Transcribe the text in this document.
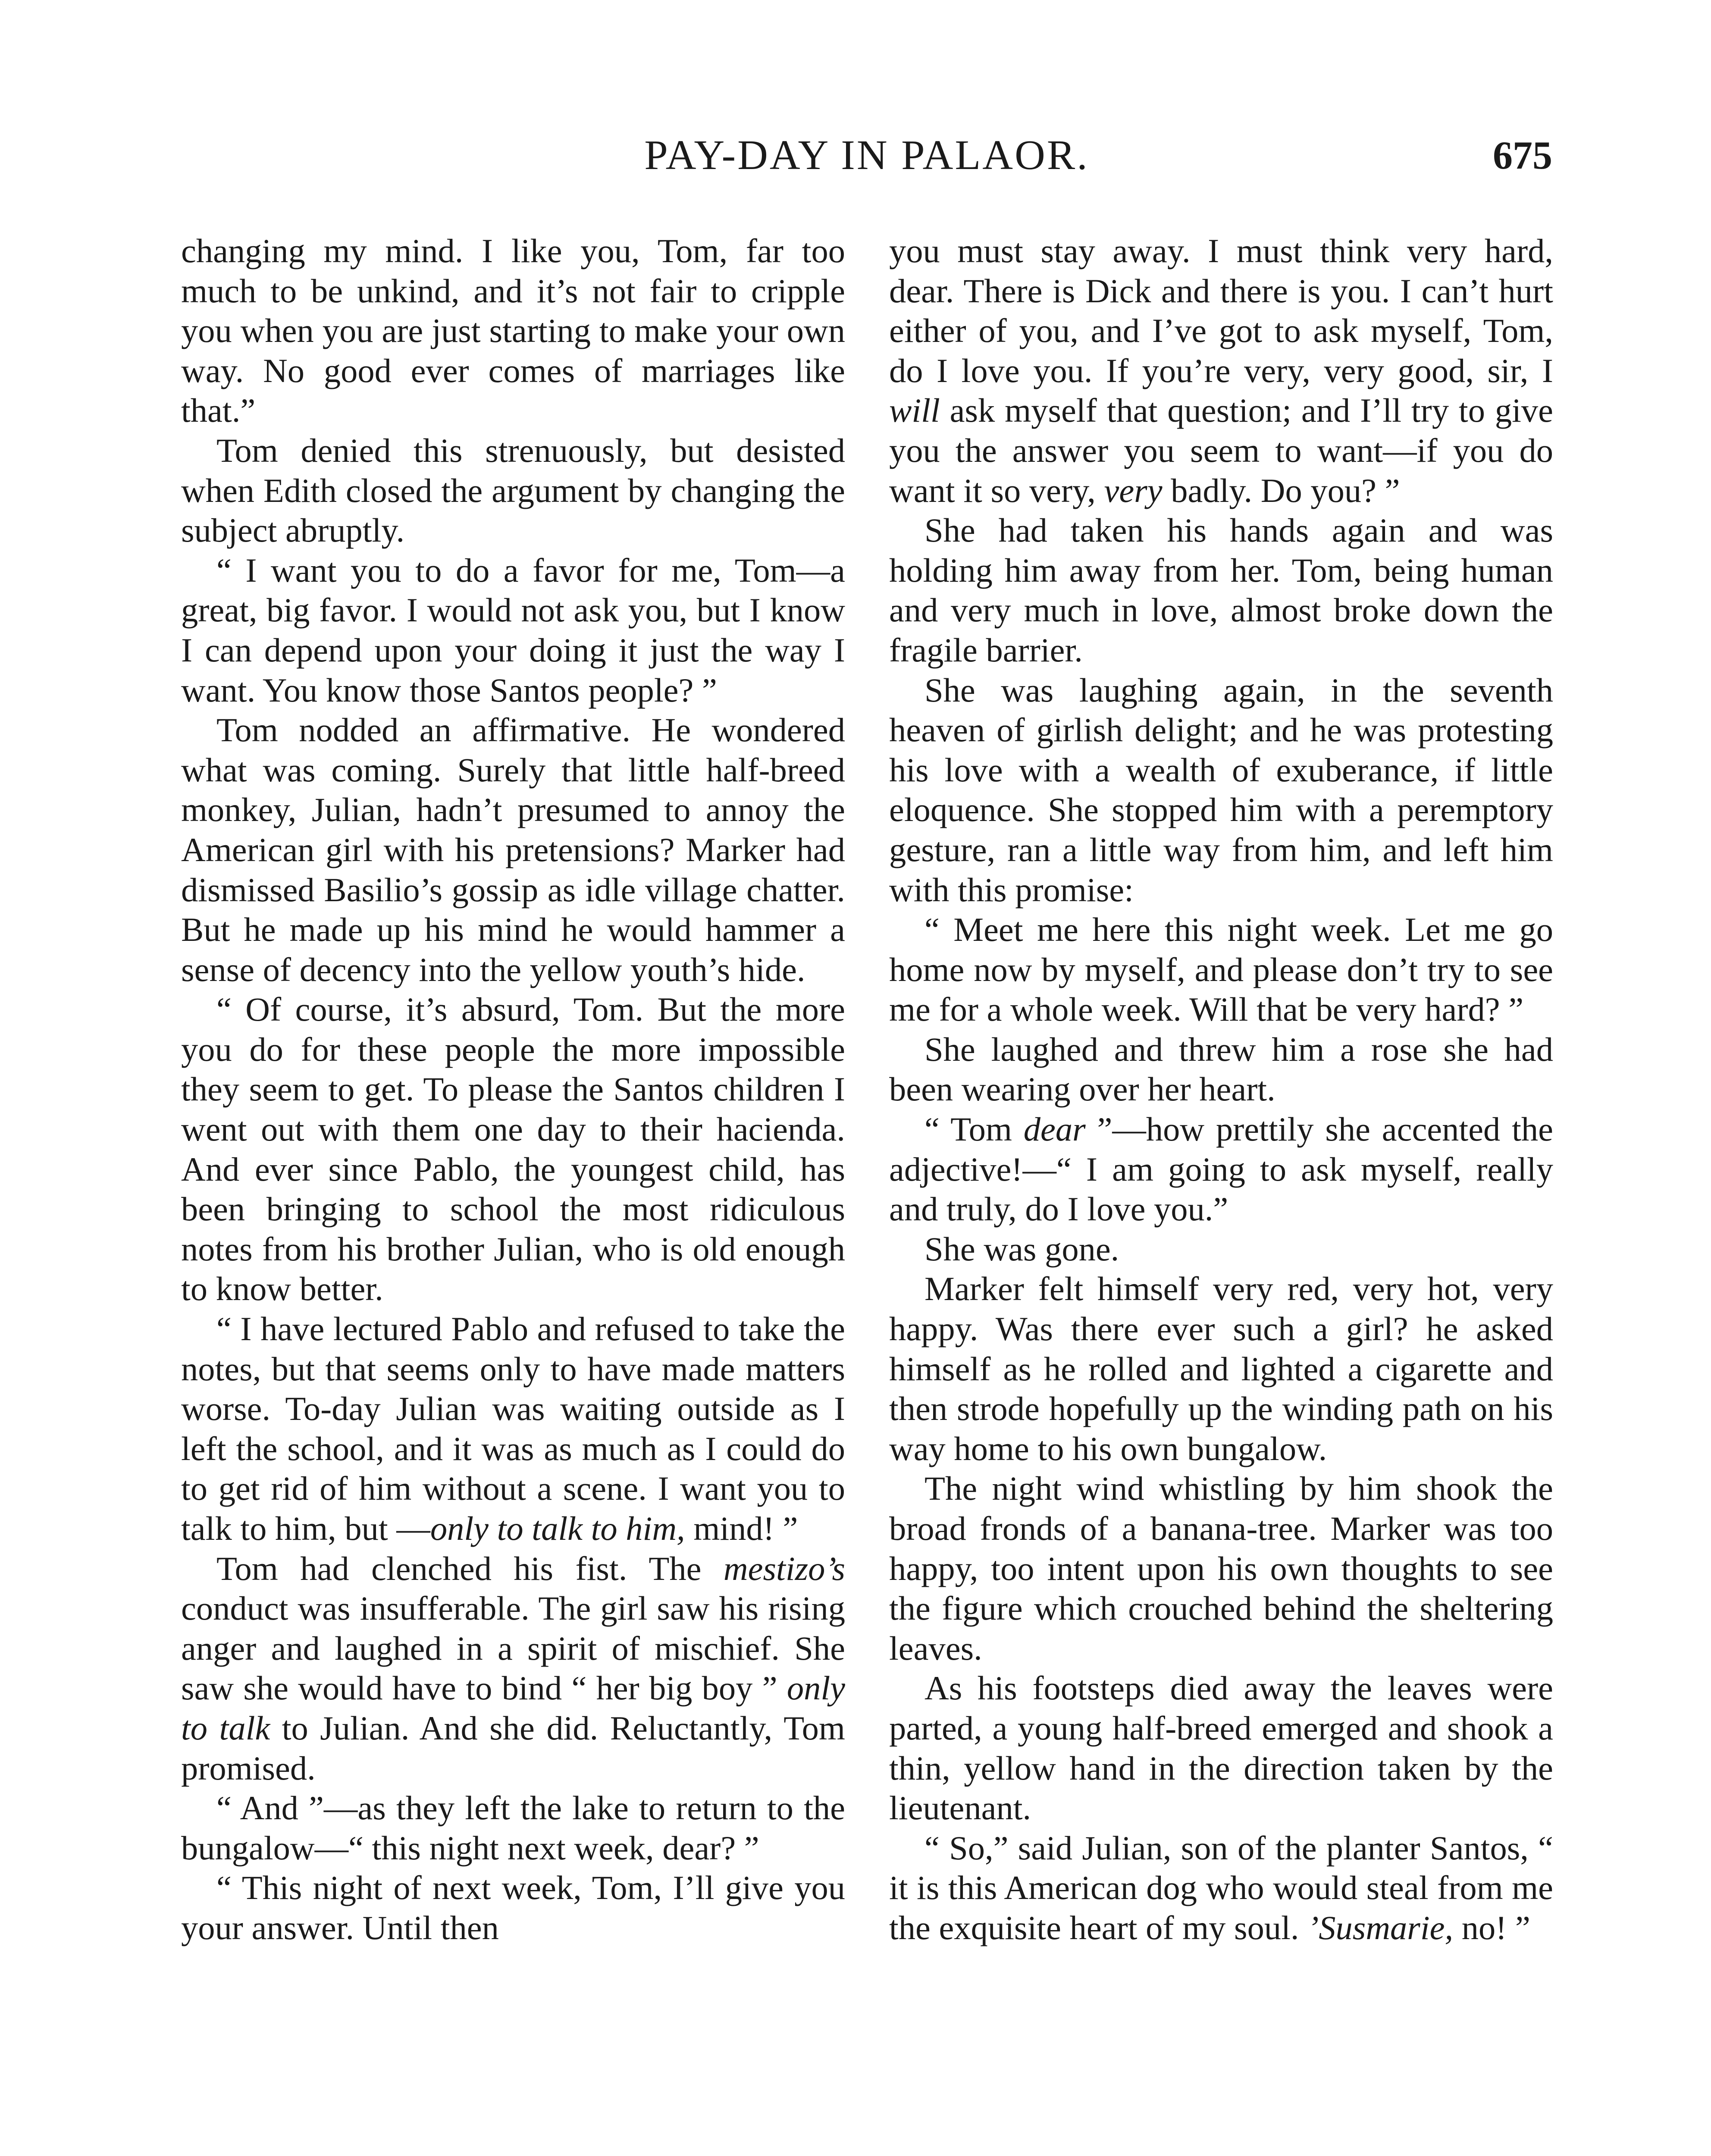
PAY-DAY IN PALAOR.	675

changing my mind. I like you, Tom, far too much to be unkind, and it’s not fair to cripple you when you are just starting to make your own way. No good ever comes of marriages like that.”

Tom denied this strenuously, but desisted when Edith closed the argument by changing the subject abruptly.

“ I want you to do a favor for me, Tom—a great, big favor. I would not ask you, but I know I can depend upon your doing it just the way I want. You know those Santos people? ”

Tom nodded an affirmative. He wondered what was coming. Surely that little half-breed monkey, Julian, hadn’t presumed to annoy the American girl with his pretensions? Marker had dismissed Basilio’s gossip as idle village chatter. But he made up his mind he would hammer a sense of decency into the yellow youth’s hide.

“ Of course, it’s absurd, Tom. But the more you do for these people the more impossible they seem to get. To please the Santos children I went out with them one day to their hacienda. And ever since Pablo, the youngest child, has been bringing to school the most ridiculous notes from his brother Julian, who is old enough to know better.

“ I have lectured Pablo and refused to take the notes, but that seems only to have made matters worse. To-day Julian was waiting outside as I left the school, and it was as much as I could do to get rid of him without a scene. I want you to talk to him, but —only to talk to him, mind! ”

Tom had clenched his fist. The mestizo’s conduct was insufferable. The girl saw his rising anger and laughed in a spirit of mischief. She saw she would have to bind “ her big boy ” only to talk to Julian. And she did. Reluctantly, Tom promised.

“ And ”—as they left the lake to return to the bungalow—“ this night next week, dear? ”

“ This night of next week, Tom, I’ll give you your answer. Until then

you must stay away. I must think very hard, dear. There is Dick and there is you. I can’t hurt either of you, and I’ve got to ask myself, Tom, do I love you. If you’re very, very good, sir, I will ask myself that question; and I’ll try to give you the answer you seem to want—if you do want it so very, very badly. Do you? ”

She had taken his hands again and was holding him away from her. Tom, being human and very much in love, almost broke down the fragile barrier.

She was laughing again, in the seventh heaven of girlish delight; and he was protesting his love with a wealth of exuberance, if little eloquence. She stopped him with a peremptory gesture, ran a little way from him, and left him with this promise:

“ Meet me here this night week. Let me go home now by myself, and please don’t try to see me for a whole week. Will that be very hard? ”

She laughed and threw him a rose she had been wearing over her heart.

“ Tom dear ”—how prettily she accented the adjective!—“ I am going to ask myself, really and truly, do I love you.”

She was gone.

Marker felt himself very red, very hot, very happy. Was there ever such a girl? he asked himself as he rolled and lighted a cigarette and then strode hopefully up the winding path on his way home to his own bungalow.

The night wind whistling by him shook the broad fronds of a banana-tree. Marker was too happy, too intent upon his own thoughts to see the figure which crouched behind the sheltering leaves.

As his footsteps died away the leaves were parted, a young half-breed emerged and shook a thin, yellow hand in the direction taken by the lieutenant.

“ So,” said Julian, son of the planter Santos, “ it is this American dog who would steal from me the exquisite heart of my soul. ’Susmarie, no! ”
